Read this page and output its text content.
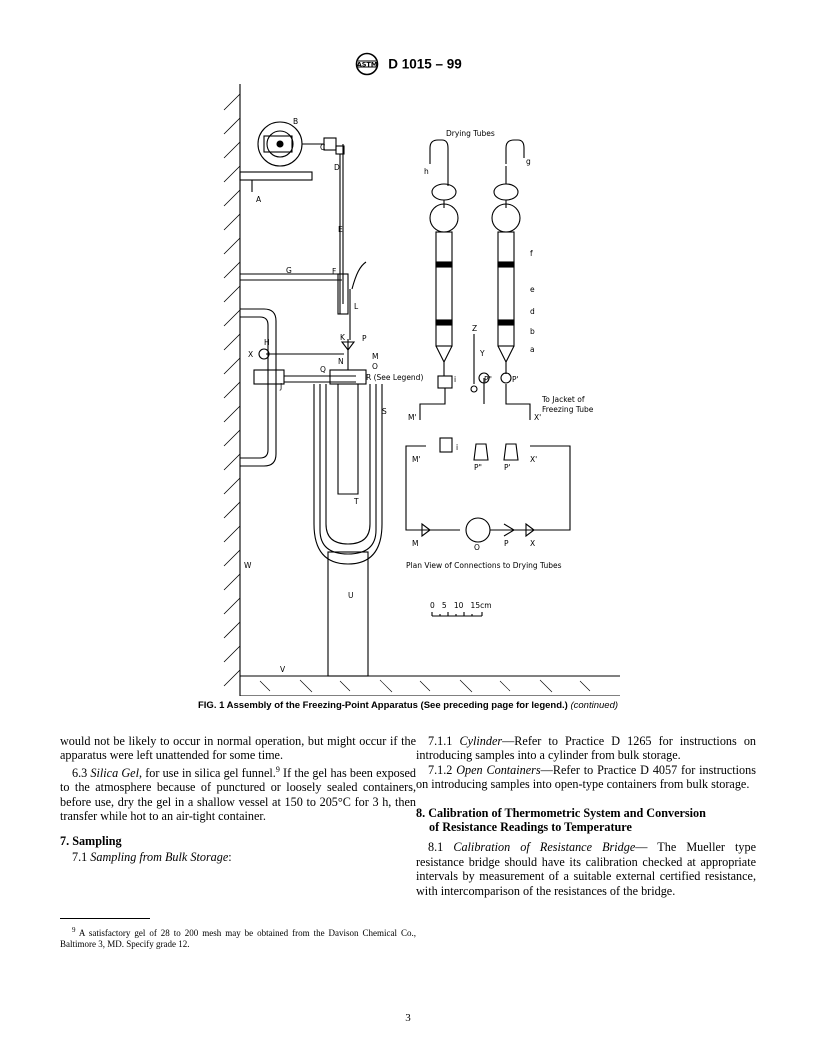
ASTM D 1015 – 99
B
C
D
A
E
F
G
L
H
K P
X
N
M
Q	O
R (See Legend)
J
S
T
W
U
V
Drying Tubes
h
g
f
e
d
b
a
Z
Y
i	P"	P'
M'	X'
To Jacket of
Freezing Tube
M'
i
P"	P'
X'
M	O	P	X
Plan View of Connections to Drying Tubes
0   5   10   15cm
FIG. 1 Assembly of the Freezing-Point Apparatus (See preceding page for legend.) (continued)

would not be likely to occur in normal operation, but might occur if the apparatus were left unattended for some time.

6.3 Silica Gel, for use in silica gel funnel.$^9$ If the gel has been exposed to the atmosphere because of punctured or loosely sealed containers, before use, dry the gel in a shallow vessel at 150 to 205°C for 3 h, then transfer while hot to an air-tight container.

7. Sampling

7.1 Sampling from Bulk Storage:

$^9$ A satisfactory gel of 28 to 200 mesh may be obtained from the Davison Chemical Co., Baltimore 3, MD. Specify grade 12.

7.1.1 Cylinder—Refer to Practice D 1265 for instructions on introducing samples into a cylinder from bulk storage.

7.1.2 Open Containers—Refer to Practice D 4057 for instructions on introducing samples into open-type containers from bulk storage.

8. Calibration of Thermometric System and Conversion
of Resistance Readings to Temperature

8.1 Calibration of Resistance Bridge— The Mueller type resistance bridge should have its calibration checked at appropriate intervals by measurement of a suitable external certified resistance, with intercomparison of the resistances of the bridge.

3
